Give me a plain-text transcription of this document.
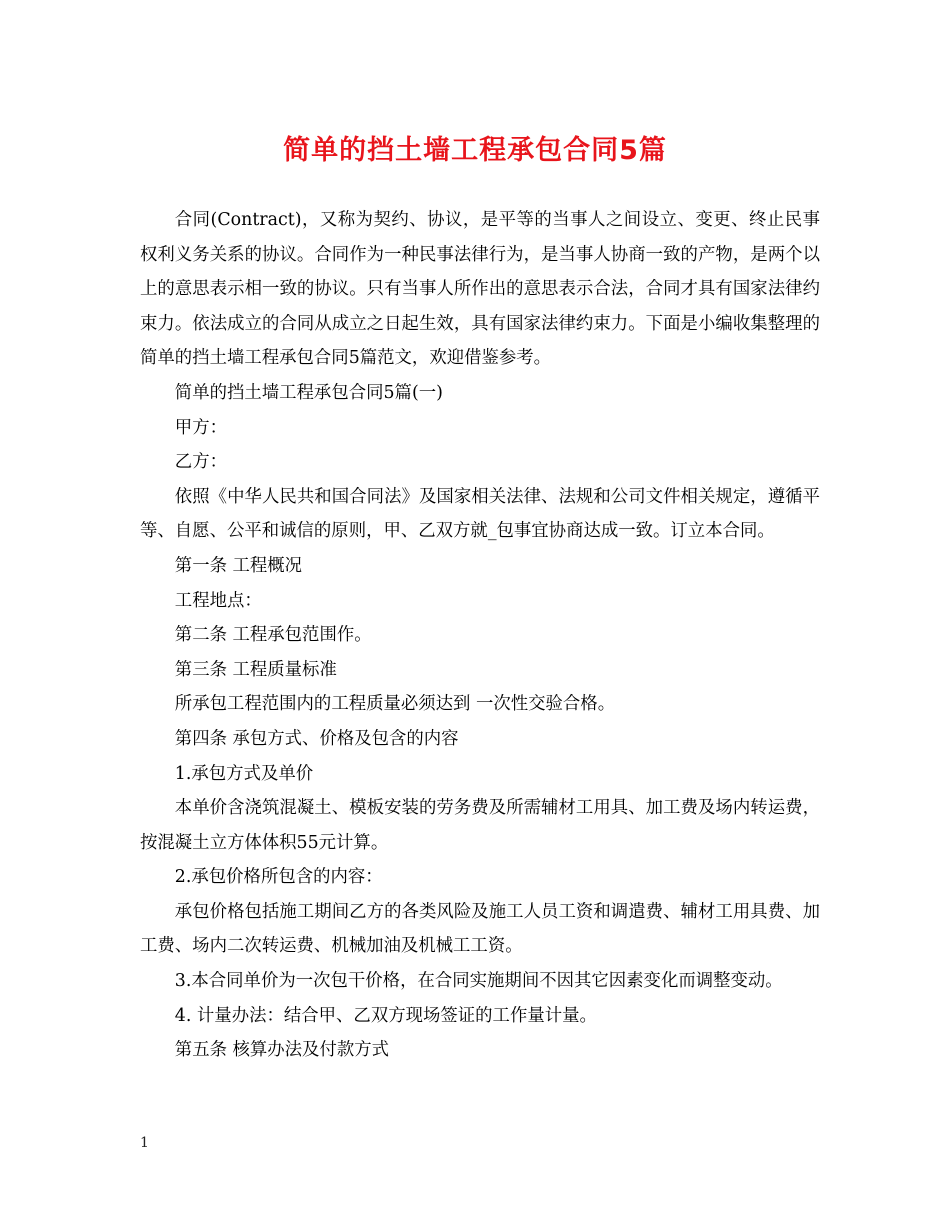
简单的挡土墙工程承包合同5篇

合同(Contract)，又称为契约、协议，是平等的当事人之间设立、变更、终止民事权利义务关系的协议。合同作为一种民事法律行为，是当事人协商一致的产物，是两个以上的意思表示相一致的协议。只有当事人所作出的意思表示合法，合同才具有国家法律约束力。依法成立的合同从成立之日起生效，具有国家法律约束力。下面是小编收集整理的简单的挡土墙工程承包合同5篇范文，欢迎借鉴参考。

简单的挡土墙工程承包合同5篇(一)

甲方：

乙方：

依照《中华人民共和国合同法》及国家相关法律、法规和公司文件相关规定，遵循平等、自愿、公平和诚信的原则，甲、乙双方就_包事宜协商达成一致。订立本合同。

第一条 工程概况

工程地点：

第二条 工程承包范围作。

第三条 工程质量标准

所承包工程范围内的工程质量必须达到 一次性交验合格。

第四条 承包方式、价格及包含的内容

1.承包方式及单价

本单价含浇筑混凝土、模板安装的劳务费及所需辅材工用具、加工费及场内转运费，按混凝土立方体体积55元计算。

2.承包价格所包含的内容：

承包价格包括施工期间乙方的各类风险及施工人员工资和调遣费、辅材工用具费、加工费、场内二次转运费、机械加油及机械工工资。

3.本合同单价为一次包干价格，在合同实施期间不因其它因素变化而调整变动。

4. 计量办法：结合甲、乙双方现场签证的工作量计量。

第五条 核算办法及付款方式

1
